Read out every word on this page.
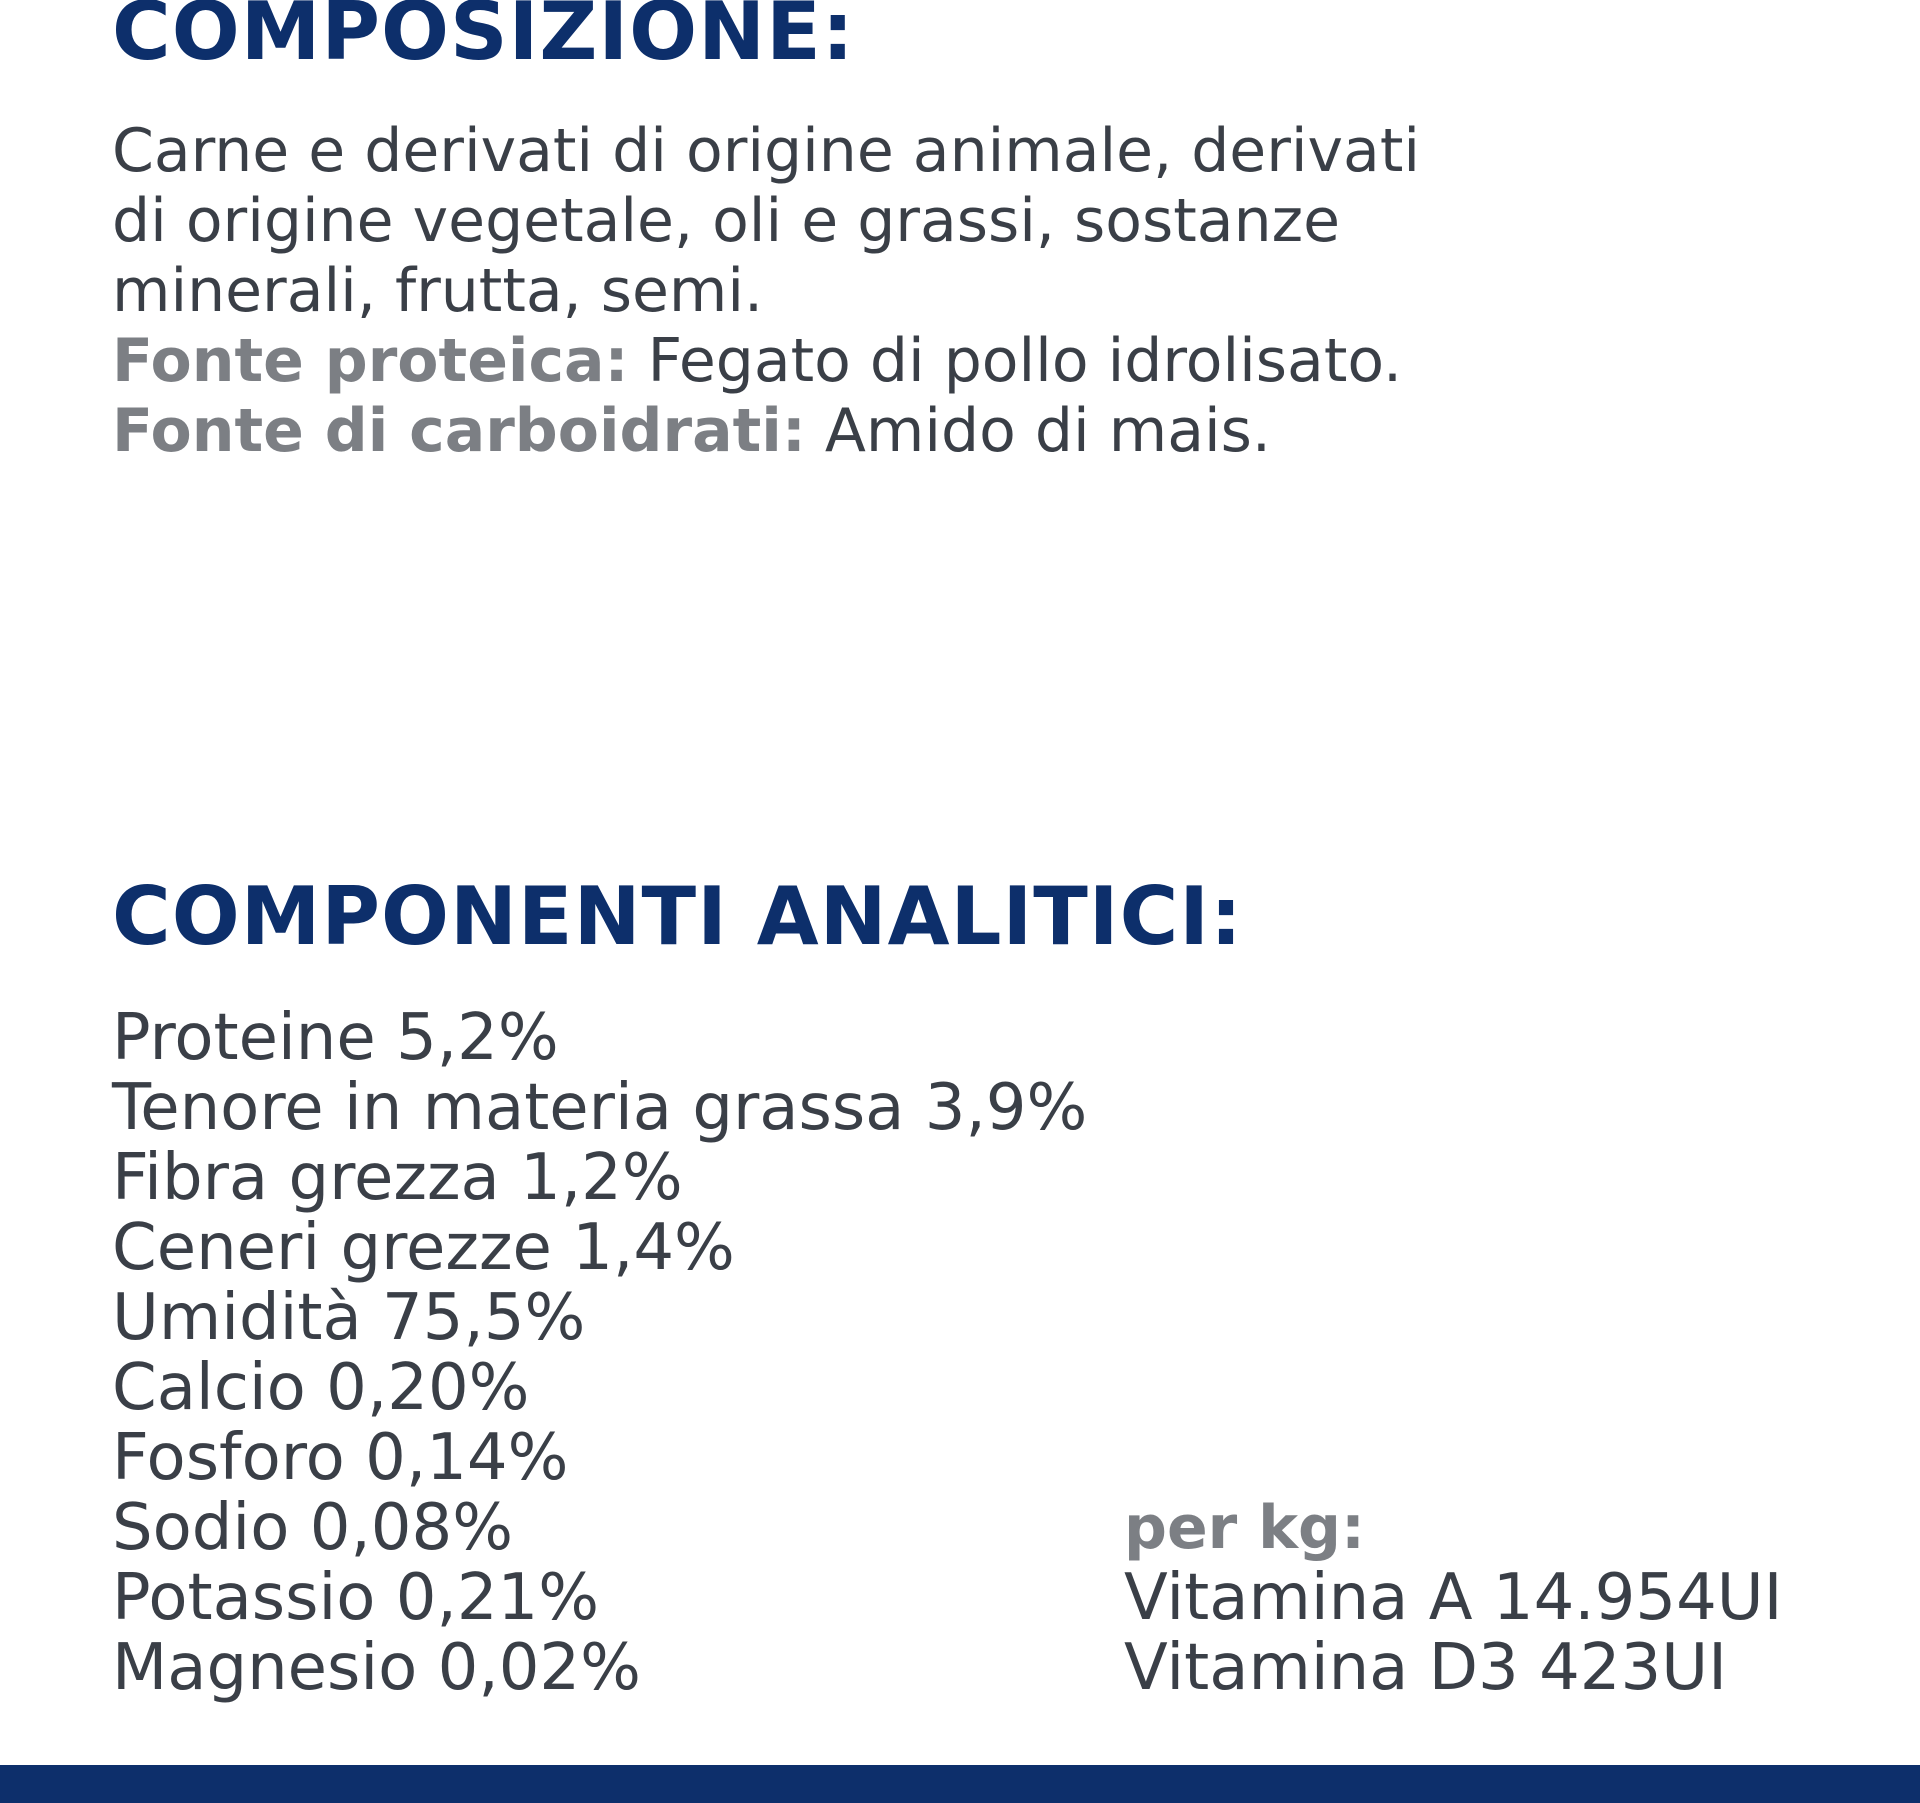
COMPOSIZIONE:
Carne e derivati di origine animale, derivati
di origine vegetale, oli e grassi, sostanze
minerali, frutta, semi.
Fonte proteica: Fegato di pollo idrolisato.
Fonte di carboidrati: Amido di mais.
COMPONENTI ANALITICI:
Proteine 5,2%
Tenore in materia grassa 3,9%
Fibra grezza 1,2%
Ceneri grezze 1,4%
Umidità 75,5%
Calcio 0,20%
Fosforo 0,14%
Sodio 0,08%
Potassio 0,21%
Magnesio 0,02%
per kg:
Vitamina A 14.954UI
Vitamina D3 423UI
